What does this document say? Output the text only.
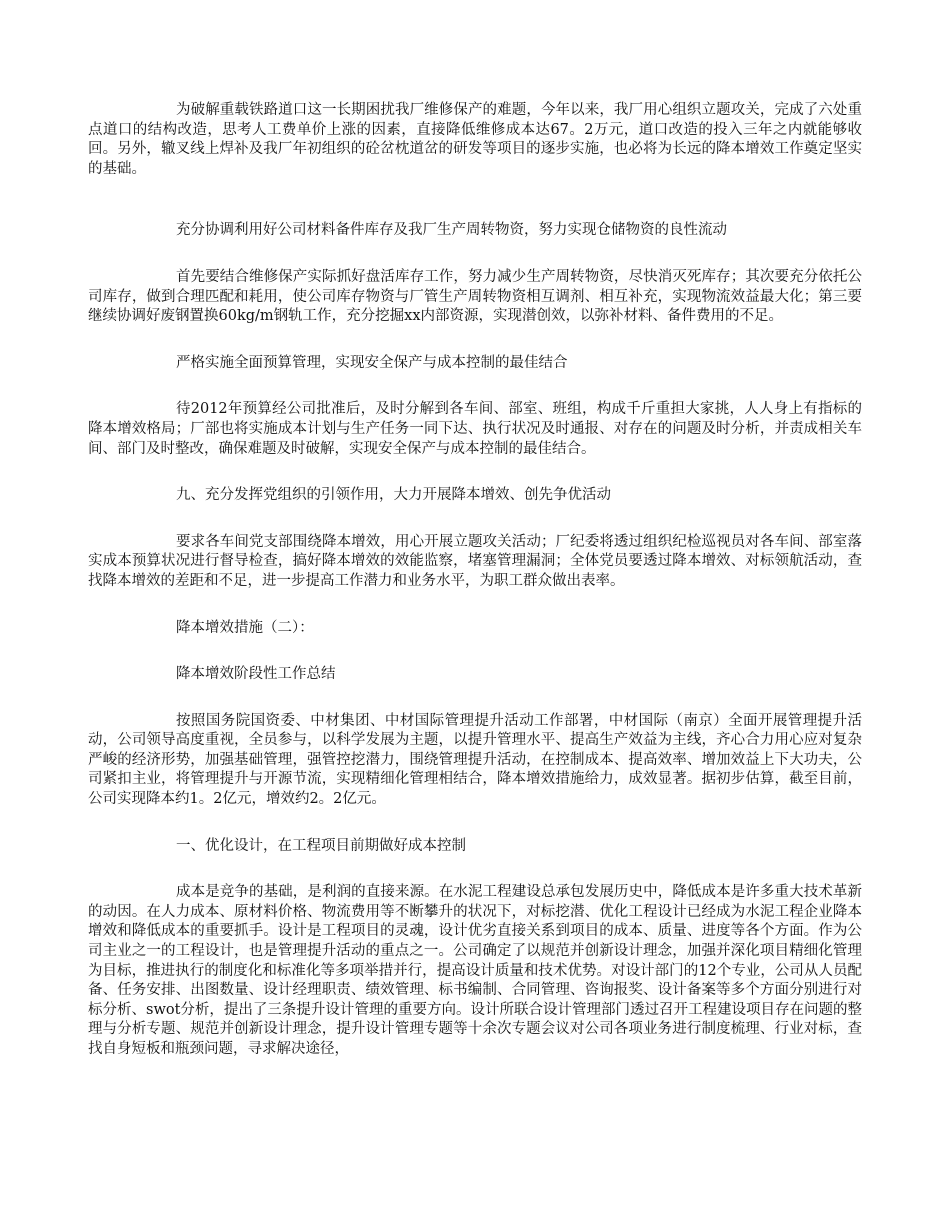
为破解重载铁路道口这一长期困扰我厂维修保产的难题，今年以来，我厂用心组织立题攻关，完成了六处重点道口的结构改造，思考人工费单价上涨的因素，直接降低维修成本达67。2万元，道口改造的投入三年之内就能够收回。另外，辙叉线上焊补及我厂年初组织的砼岔枕道岔的研发等项目的逐步实施，也必将为长远的降本增效工作奠定坚实的基础。

充分协调利用好公司材料备件库存及我厂生产周转物资，努力实现仓储物资的良性流动

首先要结合维修保产实际抓好盘活库存工作，努力减少生产周转物资，尽快消灭死库存；其次要充分依托公司库存，做到合理匹配和耗用，使公司库存物资与厂管生产周转物资相互调剂、相互补充，实现物流效益最大化；第三要继续协调好废钢置换60kg/m钢轨工作，充分挖掘xx内部资源，实现潜创效，以弥补材料、备件费用的不足。

严格实施全面预算管理，实现安全保产与成本控制的最佳结合

待2012年预算经公司批准后，及时分解到各车间、部室、班组，构成千斤重担大家挑，人人身上有指标的降本增效格局；厂部也将实施成本计划与生产任务一同下达、执行状况及时通报、对存在的问题及时分析，并责成相关车间、部门及时整改，确保难题及时破解，实现安全保产与成本控制的最佳结合。

九、充分发挥党组织的引领作用，大力开展降本增效、创先争优活动

要求各车间党支部围绕降本增效，用心开展立题攻关活动；厂纪委将透过组织纪检巡视员对各车间、部室落实成本预算状况进行督导检查，搞好降本增效的效能监察，堵塞管理漏洞；全体党员要透过降本增效、对标领航活动，查找降本增效的差距和不足，进一步提高工作潜力和业务水平，为职工群众做出表率。

降本增效措施（二）：

降本增效阶段性工作总结

按照国务院国资委、中材集团、中材国际管理提升活动工作部署，中材国际（南京）全面开展管理提升活动，公司领导高度重视，全员参与，以科学发展为主题，以提升管理水平、提高生产效益为主线，齐心合力用心应对复杂严峻的经济形势，加强基础管理，强管控挖潜力，围绕管理提升活动，在控制成本、提高效率、增加效益上下大功夫，公司紧扣主业，将管理提升与开源节流，实现精细化管理相结合，降本增效措施给力，成效显著。据初步估算，截至目前，公司实现降本约1。2亿元，增效约2。2亿元。

一、优化设计，在工程项目前期做好成本控制

成本是竞争的基础，是利润的直接来源。在水泥工程建设总承包发展历史中，降低成本是许多重大技术革新的动因。在人力成本、原材料价格、物流费用等不断攀升的状况下，对标挖潜、优化工程设计已经成为水泥工程企业降本增效和降低成本的重要抓手。设计是工程项目的灵魂，设计优劣直接关系到项目的成本、质量、进度等各个方面。作为公司主业之一的工程设计，也是管理提升活动的重点之一。公司确定了以规范并创新设计理念，加强并深化项目精细化管理为目标，推进执行的制度化和标准化等多项举措并行，提高设计质量和技术优势。对设计部门的12个专业，公司从人员配备、任务安排、出图数量、设计经理职责、绩效管理、标书编制、合同管理、咨询报奖、设计备案等多个方面分别进行对标分析、swot分析，提出了三条提升设计管理的重要方向。设计所联合设计管理部门透过召开工程建设项目存在问题的整理与分析专题、规范并创新设计理念，提升设计管理专题等十余次专题会议对公司各项业务进行制度梳理、行业对标，查找自身短板和瓶颈问题，寻求解决途径，
